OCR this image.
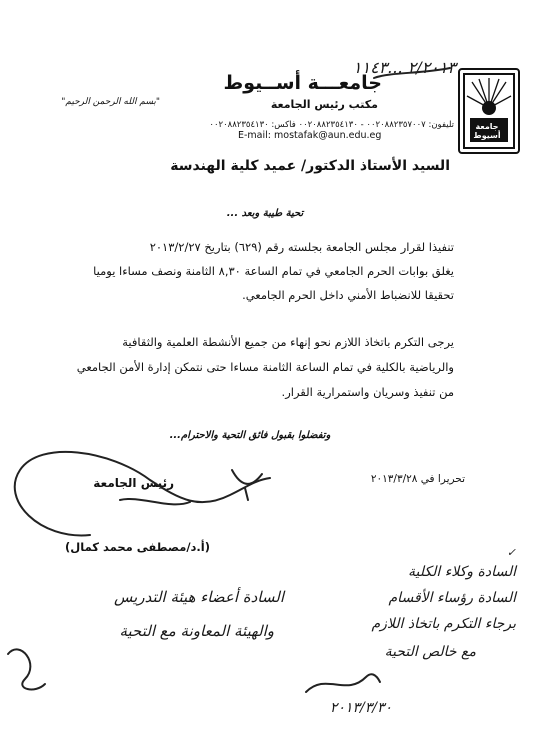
جامعة أسيوط
جامعـــة أســيوط
مكتب رئيس الجامعة
تليفون: ٠٠٢٠٨٨٢٣٥٧٠٠٧ - ٠٠٢٠٨٨٢٣٥٤١٣٠ فاكس: ٠٠٢٠٨٨٢٣٥٤١٣٠
E-mail: mostafak@aun.edu.eg
"بسم الله الرحمن الرحيم"
٢/٢٠١٣ ...١١٤٣
السيد الأستاذ الدكتور/ عميد كلية الهندسة
تحية طيبة وبعد ...
تنفيذا لقرار مجلس الجامعة بجلسته رقم (٦٢٩) بتاريخ ٢٠١٣/٢/٢٧
يغلق بوابات الحرم الجامعي في تمام الساعة ٨,٣٠ الثامنة ونصف مساءا يوميا
تحقيقا للانضباط الأمني داخل الحرم الجامعي.
يرجى التكرم باتخاذ اللازم نحو إنهاء من جميع الأنشطة العلمية والثقافية
والرياضية بالكلية في تمام الساعة الثامنة مساءا حتى نتمكن إدارة الأمن الجامعي
من تنفيذ وسريان واستمرارية القرار.
وتفضلوا بقبول فائق التحية والاحترام...
تحريرا في ٢٠١٣/٣/٢٨
رئيس الجامعة
(أ.د/مصطفى محمد كمال)	✓
السادة وكلاء الكلية
السادة رؤساء الأقسام
برجاء التكرم باتخاذ اللازم
مع خالص التحية
٢٠١٣/٣/٣٠
السادة أعضاء هيئة التدريس
والهيئة المعاونة مع التحية
